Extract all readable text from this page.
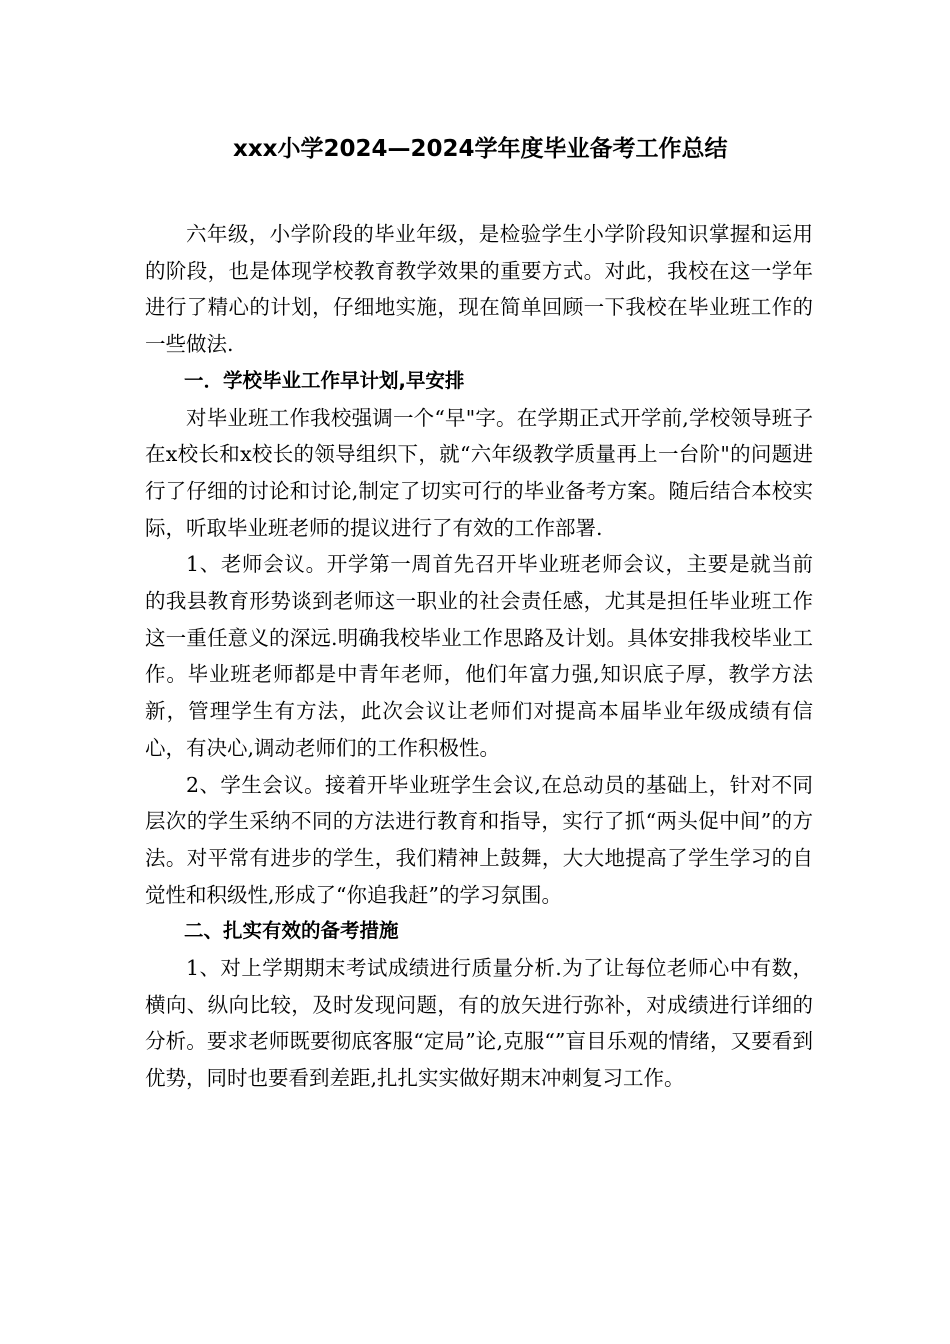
xxx小学2024—2024学年度毕业备考工作总结

六年级，小学阶段的毕业年级，是检验学生小学阶段知识掌握和运用的阶段，也是体现学校教育教学效果的重要方式。对此，我校在这一学年进行了精心的计划，仔细地实施，现在简单回顾一下我校在毕业班工作的一些做法.

一．学校毕业工作早计划,早安排

对毕业班工作我校强调一个“早"字。在学期正式开学前,学校领导班子在x校长和x校长的领导组织下，就“六年级教学质量再上一台阶"的问题进行了仔细的讨论和讨论,制定了切实可行的毕业备考方案。随后结合本校实际，听取毕业班老师的提议进行了有效的工作部署.

1、老师会议。开学第一周首先召开毕业班老师会议，主要是就当前的我县教育形势谈到老师这一职业的社会责任感，尤其是担任毕业班工作这一重任意义的深远.明确我校毕业工作思路及计划。具体安排我校毕业工作。毕业班老师都是中青年老师，他们年富力强,知识底子厚，教学方法新，管理学生有方法，此次会议让老师们对提高本届毕业年级成绩有信心，有决心,调动老师们的工作积极性。

2、学生会议。接着开毕业班学生会议,在总动员的基础上，针对不同层次的学生采纳不同的方法进行教育和指导，实行了抓“两头促中间”的方法。对平常有进步的学生，我们精神上鼓舞，大大地提高了学生学习的自觉性和积级性,形成了“你追我赶”的学习氛围。

二、扎实有效的备考措施

1、对上学期期末考试成绩进行质量分析.为了让每位老师心中有数，横向、纵向比较，及时发现问题，有的放矢进行弥补，对成绩进行详细的分析。要求老师既要彻底客服“定局”论,克服“”盲目乐观的情绪，又要看到优势，同时也要看到差距,扎扎实实做好期末冲刺复习工作。
